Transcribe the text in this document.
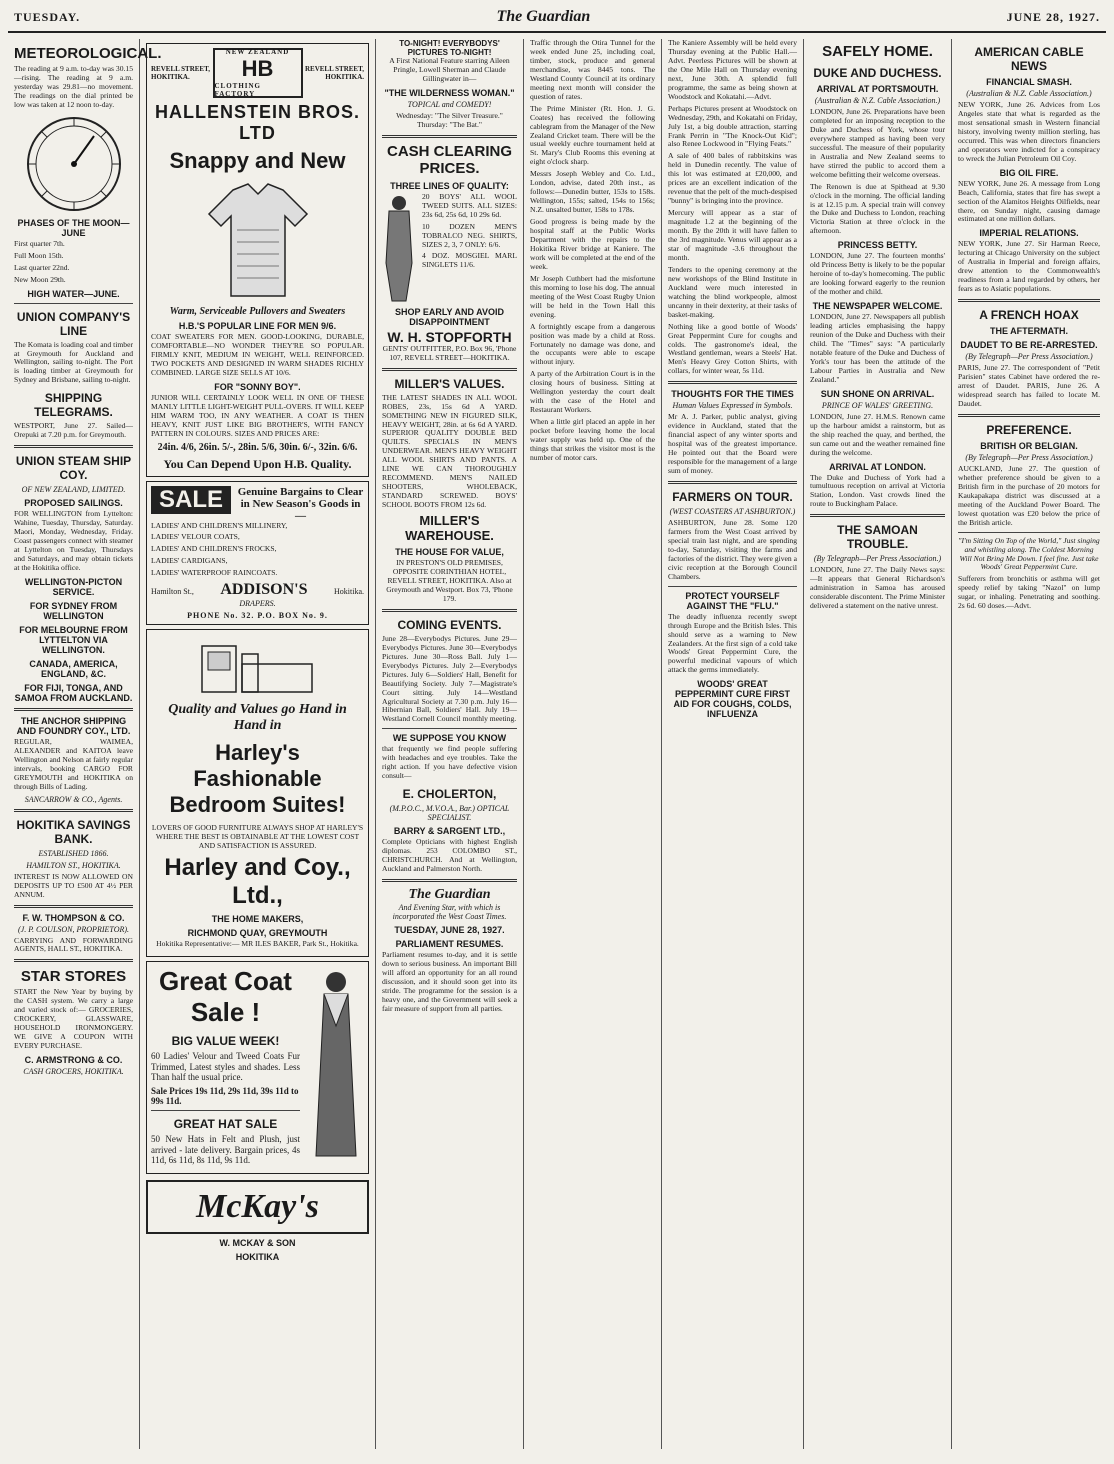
TUESDAY.	The Guardian	JUNE 28, 1927.
METEOROLOGICAL.

The reading at 9 a.m. to-day was 30.15—rising. The reading at 9 a.m. yesterday was 29.81—no movement. The readings on the dial printed be low was taken at 12 noon to-day.

PHASES OF THE MOON—JUNE
First quarter 7th.
Full Moon 15th.
Last quarter 22nd.
New Moon 29th.
HIGH WATER—JUNE.
UNION COMPANY'S LINE

The Komata is loading coal and timber at Greymouth for Auckland and Wellington, sailing to-night. The Port is loading timber at Greymouth for Sydney and Brisbane, sailing to-night.

SHIPPING TELEGRAMS.

WESTPORT, June 27. Sailed—Orepuki at 7.20 p.m. for Greymouth.

UNION STEAM SHIP COY.
OF NEW ZEALAND, LIMITED.
PROPOSED SAILINGS.

FOR WELLINGTON from Lyttelton: Wahine, Tuesday, Thursday, Saturday. Maori, Monday, Wednesday, Friday. Coast passengers connect with steamer at Lyttelton on Tuesday, Thursdays and Saturdays, and may obtain tickets at the Hokitika office.

WELLINGTON-PICTON SERVICE.
FOR SYDNEY FROM WELLINGTON
FOR MELBOURNE FROM LYTTELTON VIA WELLINGTON.
CANADA, AMERICA, ENGLAND, &C.
FOR FIJI, TONGA, AND SAMOA FROM AUCKLAND.
THE ANCHOR SHIPPING AND FOUNDRY COY., LTD.

REGULAR, WAIMEA, ALEXANDER and KAITOA leave Wellington and Nelson at fairly regular intervals, booking CARGO FOR GREYMOUTH and HOKITIKA on through Bills of Lading.

SANCARROW & CO., Agents.
HOKITIKA SAVINGS BANK.
ESTABLISHED 1866.
HAMILTON ST., HOKITIKA.

INTEREST IS NOW ALLOWED ON DEPOSITS UP TO £500 AT 4½ PER ANNUM.

F. W. THOMPSON & CO.
(J. P. COULSON, PROPRIETOR).

CARRYING AND FORWARDING AGENTS, HALL ST., HOKITIKA.

STAR STORES

START the New Year by buying by the CASH system. We carry a large and varied stock of:— GROCERIES, CROCKERY, GLASSWARE, HOUSEHOLD IRONMONGERY. WE GIVE A COUPON WITH EVERY PURCHASE.

C. ARMSTRONG & CO.
CASH GROCERS, HOKITIKA.
REVELL STREET, HOKITIKA.
NEW ZEALAND
HB
CLOTHING FACTORY
REVELL STREET, HOKITIKA.
HALLENSTEIN BROS. LTD
Snappy and New
Warm, Serviceable Pullovers and Sweaters
H.B.'S POPULAR LINE FOR MEN 9/6.

COAT SWEATERS FOR MEN. GOOD-LOOKING, DURABLE, COMFORTABLE—NO WONDER THEY'RE SO POPULAR. FIRMLY KNIT, MEDIUM IN WEIGHT, WELL REINFORCED. TWO POCKETS AND DESIGNED IN WARM SHADES RICHLY COMBINED. LARGE SIZE SELLS AT 10/6.

FOR "SONNY BOY".

JUNIOR WILL CERTAINLY LOOK WELL IN ONE OF THESE MANLY LITTLE LIGHT-WEIGHT PULL-OVERS. IT WILL KEEP HIM WARM TOO, IN ANY WEATHER. A COAT IS THEN HEAVY, KNIT JUST LIKE BIG BROTHER'S, WITH FANCY PATTERN IN COLOURS. SIZES AND PRICES ARE:

24in. 4/6, 26in. 5/-, 28in. 5/6, 30in. 6/-, 32in. 6/6.
You Can Depend Upon H.B. Quality.
SALE	Genuine Bargains to Clear in New Season's Goods in—
LADIES' AND CHILDREN'S MILLINERY,
LADIES' VELOUR COATS,
LADIES' AND CHILDREN'S FROCKS,
LADIES' CARDIGANS,
LADIES' WATERPROOF RAINCOATS.
Hamilton St., ADDISON'S	Hokitika.
DRAPERS.
PHONE No. 32. P.O. BOX No. 9.
Quality and Values go Hand in Hand in
Harley's Fashionable Bedroom Suites!

LOVERS OF GOOD FURNITURE ALWAYS SHOP AT HARLEY'S WHERE THE BEST IS OBTAINABLE AT THE LOWEST COST AND SATISFACTION IS ASSURED.

Harley and Coy., Ltd.,
THE HOME MAKERS,
RICHMOND QUAY, GREYMOUTH

Hokitika Representative:— MR ILES BAKER, Park St., Hokitika.

Great Coat Sale !
BIG VALUE WEEK!

60 Ladies' Velour and Tweed Coats Fur Trimmed, Latest styles and shades. Less Than half the usual price.

Sale Prices 19s 11d, 29s 11d, 39s 11d to 99s 11d.
GREAT HAT SALE

50 New Hats in Felt and Plush, just arrived - late delivery. Bargain prices, 4s 11d, 6s 11d, 8s 11d, 9s 11d.

McKay's
W. MCKAY & SON
HOKITIKA
TO-NIGHT! EVERYBODYS' PICTURES TO-NIGHT!

A First National Feature starring Aileen Pringle, Lowell Sherman and Claude Gillingwater in—

"THE WILDERNESS WOMAN."
TOPICAL and COMEDY!

Wednesday: "The Silver Treasure." Thursday: "The Bat."

CASH CLEARING PRICES.
THREE LINES OF QUALITY:

20 BOYS' ALL WOOL TWEED SUITS. ALL SIZES: 23s 6d, 25s 6d, 10 29s 6d.

10 DOZEN MEN'S TOBRALCO NEG. SHIRTS, SIZES 2, 3, 7 ONLY: 6/6.

4 DOZ. MOSGIEL MARL SINGLETS 11/6.

SHOP EARLY AND AVOID DISAPPOINTMENT
W. H. STOPFORTH

GENTS' OUTFITTER, P.O. Box 96, 'Phone 107, REVELL STREET—HOKITIKA.

MILLER'S VALUES.

THE LATEST SHADES IN ALL WOOL ROBES, 23s, 15s 6d A YARD. SOMETHING NEW IN FIGURED SILK, HEAVY WEIGHT, 28in. at 6s 6d A YARD. SUPERIOR QUALITY DOUBLE BED QUILTS. SPECIALS IN MEN'S UNDERWEAR. MEN'S HEAVY WEIGHT ALL WOOL SHIRTS AND PANTS. A LINE WE CAN THOROUGHLY RECOMMEND. MEN'S NAILED SHOOTERS, WHOLEBACK, STANDARD SCREWED. BOYS' SCHOOL BOOTS FROM 12s 6d.

MILLER'S WAREHOUSE.
THE HOUSE FOR VALUE,

IN PRESTON'S OLD PREMISES, OPPOSITE CORINTHIAN HOTEL, REVELL STREET, HOKITIKA. Also at Greymouth and Westport. Box 73, 'Phone 179.

COMING EVENTS.

June 28—Everybodys Pictures. June 29—Everybodys Pictures. June 30—Everybodys Pictures. June 30—Ross Ball. July 1—Everybodys Pictures. July 2—Everybodys Pictures. July 6—Soldiers' Hall, Benefit for Beautifying Society. July 7—Magistrate's Court sitting. July 14—Westland Agricultural Society at 7.30 p.m. July 16—Hibernian Ball, Soldiers' Hall. July 19—Westland Cornell Council monthly meeting.

WE SUPPOSE YOU KNOW

that frequently we find people suffering with headaches and eye troubles. Take the right action. If you have defective vision consult—

E. CHOLERTON,
(M.P.O.C., M.V.O.A., Bar.) OPTICAL SPECIALIST.
BARRY & SARGENT LTD.,

Complete Opticians with highest English diplomas. 253 COLOMBO ST., CHRISTCHURCH. And at Wellington, Auckland and Palmerston North.

The Guardian
And Evening Star, with which is incorporated the West Coast Times.
TUESDAY, JUNE 28, 1927.
PARLIAMENT RESUMES.

Parliament resumes to-day, and it is settle down to serious business. An important Bill will afford an opportunity for an all round discussion, and it should soon get into its stride. The programme for the session is a heavy one, and the Government will seek a fair measure of support from all parties.

Traffic through the Otira Tunnel for the week ended June 25, including coal, timber, stock, produce and general merchandise, was 8445 tons. The Westland County Council at its ordinary meeting next month will consider the question of rates.

The Prime Minister (Rt. Hon. J. G. Coates) has received the following cablegram from the Manager of the New Zealand Cricket team. There will be the usual weekly euchre tournament held at St. Mary's Club Rooms this evening at eight o'clock sharp.

Messrs Joseph Webley and Co. Ltd., London, advise, dated 20th inst., as follows:—Dunedin butter, 153s to 158s. Wellington, 155s; salted, 154s to 156s; N.Z. unsalted butter, 158s to 178s.

Good progress is being made by the hospital staff at the Public Works Department with the repairs to the Hokitika River bridge at Kaniere. The work will be completed at the end of the week.

Mr Joseph Cuthbert had the misfortune this morning to lose his dog. The annual meeting of the West Coast Rugby Union will be held in the Town Hall this evening.

A fortnightly escape from a dangerous position was made by a child at Ross. Fortunately no damage was done, and the occupants were able to escape without injury.

A party of the Arbitration Court is in the closing hours of business. Sitting at Wellington yesterday the court dealt with the case of the Hotel and Restaurant Workers.

When a little girl placed an apple in her pocket before leaving home the local water supply was held up. One of the things that strikes the visitor most is the number of motor cars.

The Kaniere Assembly will be held every Thursday evening at the Public Hall.—Advt. Peerless Pictures will be shown at the One Mile Hall on Thursday evening next, June 30th. A splendid full programme, the same as being shown at Woodstock and Kokatahi.—Advt.

Perhaps Pictures present at Woodstock on Wednesday, 29th, and Kokatahi on Friday, July 1st, a big double attraction, starring Frank Perrin in "The Knock-Out Kid"; also Renee Lockwood in "Flying Feats."

A sale of 400 bales of rabbitskins was held in Dunedin recently. The value of this lot was estimated at £20,000, and prices are an excellent indication of the revenue that the pelt of the much-despised "bunny" is bringing into the province.

Mercury will appear as a star of magnitude 1.2 at the beginning of the month. By the 20th it will have fallen to the 3rd magnitude. Venus will appear as a star of magnitude -3.6 throughout the month.

Tenders to the opening ceremony at the new workshops of the Blind Institute in Auckland were much interested in watching the blind workpeople, almost uncanny in their dexterity, at their tasks of basket-making.

Nothing like a good bottle of Woods' Great Peppermint Cure for coughs and colds. The gastronome's ideal, the Westland gentleman, wears a Steels' Hat. Men's Heavy Grey Cotton Shirts, with collars, for winter wear, 5s 11d.

THOUGHTS FOR THE TIMES
Human Values Expressed in Symbols.

Mr A. J. Parker, public analyst, giving evidence in Auckland, stated that the financial aspect of any winter sports and hospital was of the greatest importance. He pointed out that the Board were responsible for the management of a large sum of money.

FARMERS ON TOUR.
(WEST COASTERS AT ASHBURTON.)

ASHBURTON, June 28. Some 120 farmers from the West Coast arrived by special train last night, and are spending to-day, Saturday, visiting the farms and factories of the district. They were given a civic reception at the Borough Council Chambers.

PROTECT YOURSELF AGAINST THE "FLU."

The deadly influenza recently swept through Europe and the British Isles. This should serve as a warning to New Zealanders. At the first sign of a cold take Woods' Great Peppermint Cure, the powerful medicinal vapours of which attack the germs immediately.

WOODS' GREAT PEPPERMINT CURE FIRST AID FOR COUGHS, COLDS, INFLUENZA
SAFELY HOME.
DUKE AND DUCHESS.
ARRIVAL AT PORTSMOUTH.
(Australian & N.Z. Cable Association.)

LONDON, June 26. Preparations have been completed for an imposing reception to the Duke and Duchess of York, whose tour everywhere stamped as having been very successful. The measure of their popularity in Australia and New Zealand seems to have stirred the public to accord them a welcome befitting their welcome overseas.

The Renown is due at Spithead at 9.30 o'clock in the morning. The official landing is at 12.15 p.m. A special train will convey the Duke and Duchess to London, reaching Victoria Station at three o'clock in the afternoon.

PRINCESS BETTY.

LONDON, June 27. The fourteen months' old Princess Betty is likely to be the popular heroine of to-day's homecoming. The public are looking forward eagerly to the reunion of the mother and child.

THE NEWSPAPER WELCOME.

LONDON, June 27. Newspapers all publish leading articles emphasising the happy reunion of the Duke and Duchess with their child. The "Times" says: "A particularly notable feature of the Duke and Duchess of York's tour has been the attitude of the Labour Parties in Australia and New Zealand."

SUN SHONE ON ARRIVAL.
PRINCE OF WALES' GREETING.

LONDON, June 27. H.M.S. Renown came up the harbour amidst a rainstorm, but as the ship reached the quay, and berthed, the sun came out and the weather remained fine during the welcome.

ARRIVAL AT LONDON.

The Duke and Duchess of York had a tumultuous reception on arrival at Victoria Station, London. Vast crowds lined the route to Buckingham Palace.

THE SAMOAN TROUBLE.
(By Telegraph—Per Press Association.)

LONDON, June 27. The Daily News says:—It appears that General Richardson's administration in Samoa has aroused considerable discontent. The Prime Minister delivered a statement on the native unrest.

AMERICAN CABLE NEWS
FINANCIAL SMASH.
(Australian & N.Z. Cable Association.)

NEW YORK, June 26. Advices from Los Angeles state that what is regarded as the most sensational smash in Western financial history, involving twenty million sterling, has occurred. This was when directors financiers and operators were indicted for a conspiracy to wreck the Julian Petroleum Oil Coy.

BIG OIL FIRE.

NEW YORK, June 26. A message from Long Beach, California, states that fire has swept a section of the Alamitos Heights Oilfields, near there, on Sunday night, causing damage estimated at one million dollars.

IMPERIAL RELATIONS.

NEW YORK, June 27. Sir Harman Reece, lecturing at Chicago University on the subject of Australia in Imperial and foreign affairs, drew attention to the Commonwealth's readiness from a land regarded by others, her fears as to Asiatic populations.

A FRENCH HOAX
THE AFTERMATH.
DAUDET TO BE RE-ARRESTED.
(By Telegraph—Per Press Association.)

PARIS, June 27. The correspondent of "Petit Parisien" states Cabinet have ordered the re-arrest of Daudet. PARIS, June 26. A widespread search has failed to locate M. Daudet.

PREFERENCE.
BRITISH OR BELGIAN.
(By Telegraph—Per Press Association.)

AUCKLAND, June 27. The question of whether preference should be given to a British firm in the purchase of 20 motors for Kaukapakapa district was discussed at a meeting of the Auckland Power Board. The lowest quotation was £20 below the price of the British article.

"I'm Sitting On Top of the World," Just singing and whistling along. The Coldest Morning Will Not Bring Me Down. I feel fine. Just take Woods' Great Peppermint Cure.

Sufferers from bronchitis or asthma will get speedy relief by taking "Nazol" on lump sugar, or inhaling. Penetrating and soothing. 2s 6d. 60 doses.—Advt.
